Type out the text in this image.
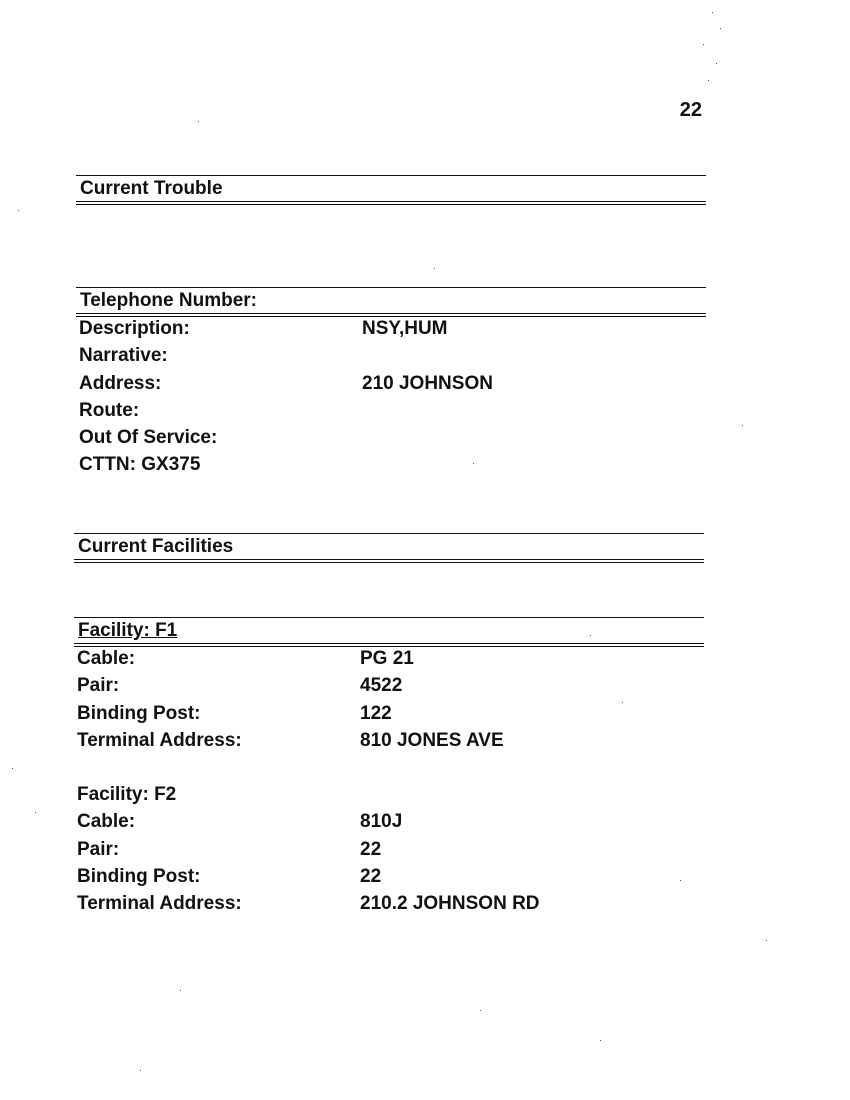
22
Current Trouble
Telephone Number:
Description:	NSY,HUM
Narrative:
Address:	210 JOHNSON
Route:
Out Of Service:
CTTN: GX375
Current Facilities
Facility: F1
Cable:	PG 21
Pair:	4522
Binding Post:	122
Terminal Address:	810 JONES AVE
Facility: F2
Cable:	810J
Pair:	22
Binding Post:	22
Terminal Address:	210.2 JOHNSON RD
